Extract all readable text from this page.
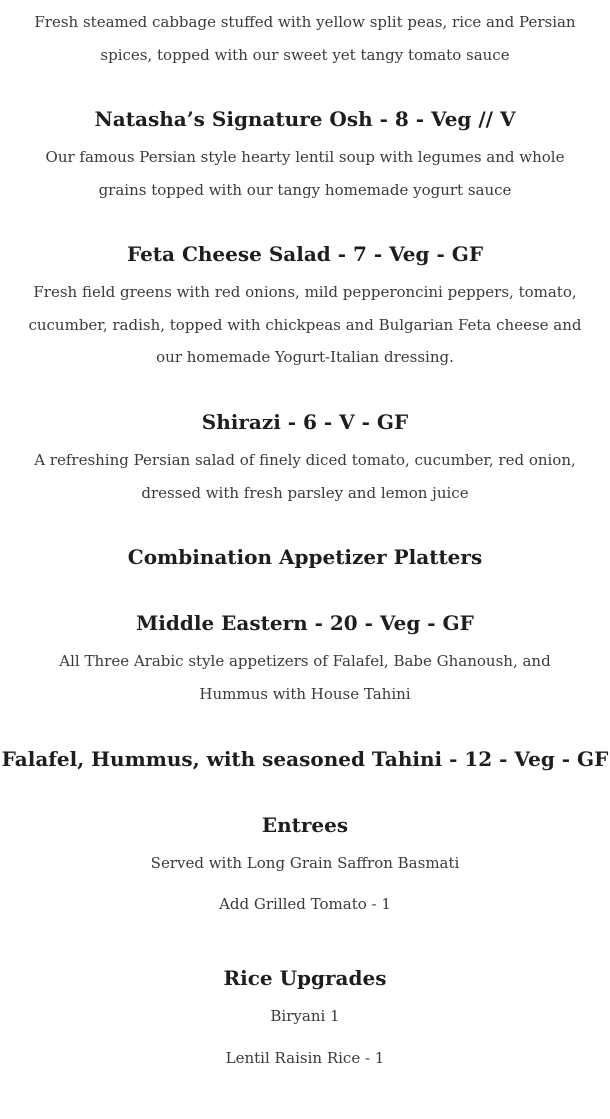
Fresh steamed cabbage stuffed with yellow split peas, rice and Persian spices, topped with our sweet yet tangy tomato sauce

Natasha’s Signature Osh - 8 - Veg // V

Our famous Persian style hearty lentil soup with legumes and whole grains topped with our tangy homemade yogurt sauce

Feta Cheese Salad - 7 - Veg - GF

Fresh field greens with red onions, mild pepperoncini peppers, tomato, cucumber, radish, topped with chickpeas and Bulgarian Feta cheese and our homemade Yogurt-Italian dressing.

Shirazi - 6 - V - GF

A refreshing Persian salad of finely diced tomato, cucumber, red onion, dressed with fresh parsley and lemon juice

Combination Appetizer Platters
Middle Eastern - 20 - Veg - GF

All Three Arabic style appetizers of Falafel, Babe Ghanoush, and Hummus with House Tahini

Falafel, Hummus, with seasoned Tahini - 12 - Veg - GF
Entrees

Served with Long Grain Saffron Basmati

Add Grilled Tomato - 1

Rice Upgrades

Biryani 1

Lentil Raisin Rice - 1
